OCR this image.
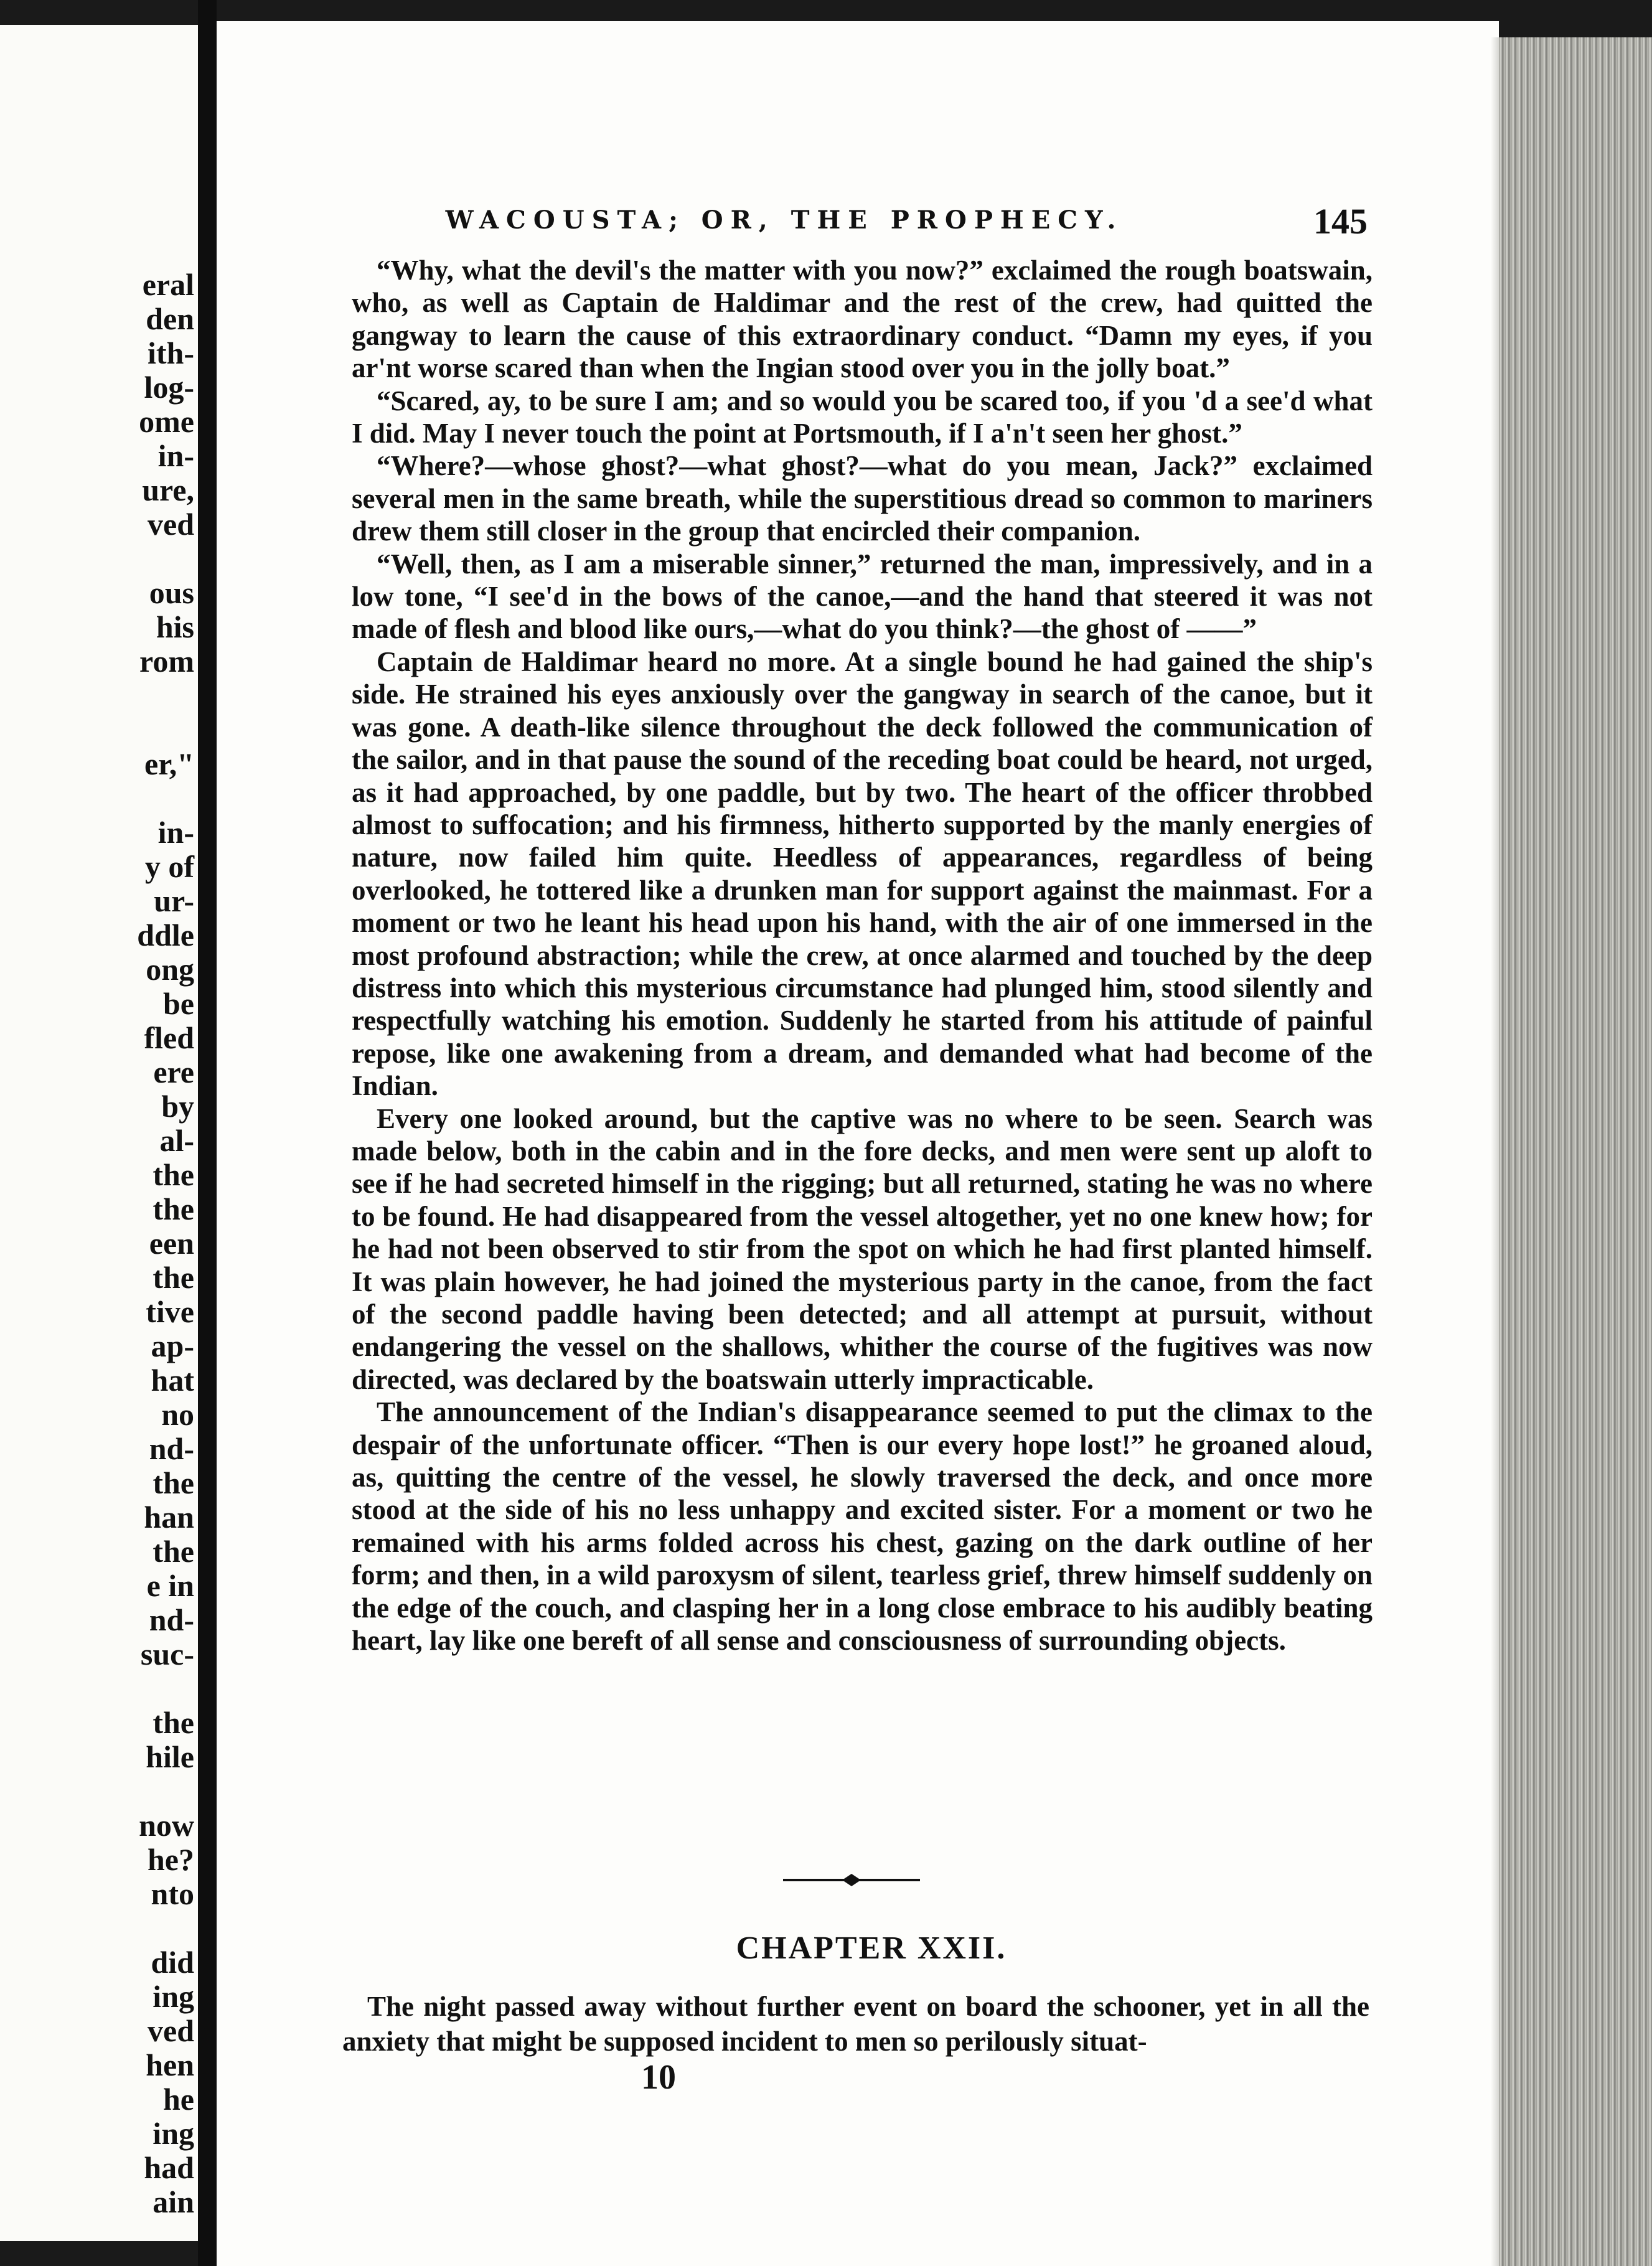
eral
den
ith-
log-
ome
in-
ure,
ved
ous
his
rom
er,"
in-
y of
ur-
ddle
ong
be
fled
ere
by
al-
the
the
een
the
tive
ap-
hat
no
nd-
the
han
the
e in
nd-
suc-
the
hile
now
he?
nto
did
ing
ved
hen
he
ing
had
ain
WACOUSTA; OR, THE PROPHECY.	145

“Why, what the devil's the matter with you now?” exclaimed the rough boatswain, who, as well as Captain de Haldimar and the rest of the crew, had quitted the gangway to learn the cause of this extraordinary conduct. “Damn my eyes, if you ar'nt worse scared than when the Ingian stood over you in the jolly boat.”

“Scared, ay, to be sure I am; and so would you be scared too, if you 'd a see'd what I did. May I never touch the point at Portsmouth, if I a'n't seen her ghost.”

“Where?—whose ghost?—what ghost?—what do you mean, Jack?” exclaimed several men in the same breath, while the superstitious dread so common to mariners drew them still closer in the group that encircled their companion.

“Well, then, as I am a miserable sinner,” returned the man, impressively, and in a low tone, “I see'd in the bows of the canoe,—and the hand that steered it was not made of flesh and blood like ours,—what do you think?—the ghost of ——”

Captain de Haldimar heard no more. At a single bound he had gained the ship's side. He strained his eyes anxiously over the gangway in search of the canoe, but it was gone. A death-like silence throughout the deck followed the communication of the sailor, and in that pause the sound of the receding boat could be heard, not urged, as it had approached, by one paddle, but by two. The heart of the officer throbbed almost to suffocation; and his firmness, hitherto supported by the manly energies of nature, now failed him quite. Heedless of appearances, regardless of being overlooked, he tottered like a drunken man for support against the mainmast. For a moment or two he leant his head upon his hand, with the air of one immersed in the most profound abstraction; while the crew, at once alarmed and touched by the deep distress into which this mysterious circumstance had plunged him, stood silently and respectfully watching his emotion. Suddenly he started from his attitude of painful repose, like one awakening from a dream, and demanded what had become of the Indian.

Every one looked around, but the captive was no where to be seen. Search was made below, both in the cabin and in the fore decks, and men were sent up aloft to see if he had secreted himself in the rigging; but all returned, stating he was no where to be found. He had disappeared from the vessel altogether, yet no one knew how; for he had not been observed to stir from the spot on which he had first planted himself. It was plain however, he had joined the mysterious party in the canoe, from the fact of the second paddle having been detected; and all attempt at pursuit, without endangering the vessel on the shallows, whither the course of the fugitives was now directed, was declared by the boatswain utterly impracticable.

The announcement of the Indian's disappearance seemed to put the climax to the despair of the unfortunate officer. “Then is our every hope lost!” he groaned aloud, as, quitting the centre of the vessel, he slowly traversed the deck, and once more stood at the side of his no less unhappy and excited sister. For a moment or two he remained with his arms folded across his chest, gazing on the dark outline of her form; and then, in a wild paroxysm of silent, tearless grief, threw himself suddenly on the edge of the couch, and clasping her in a long close embrace to his audibly beating heart, lay like one bereft of all sense and consciousness of surrounding objects.

CHAPTER XXII.

The night passed away without further event on board the schooner, yet in all the anxiety that might be supposed incident to men so perilously situat-

10
